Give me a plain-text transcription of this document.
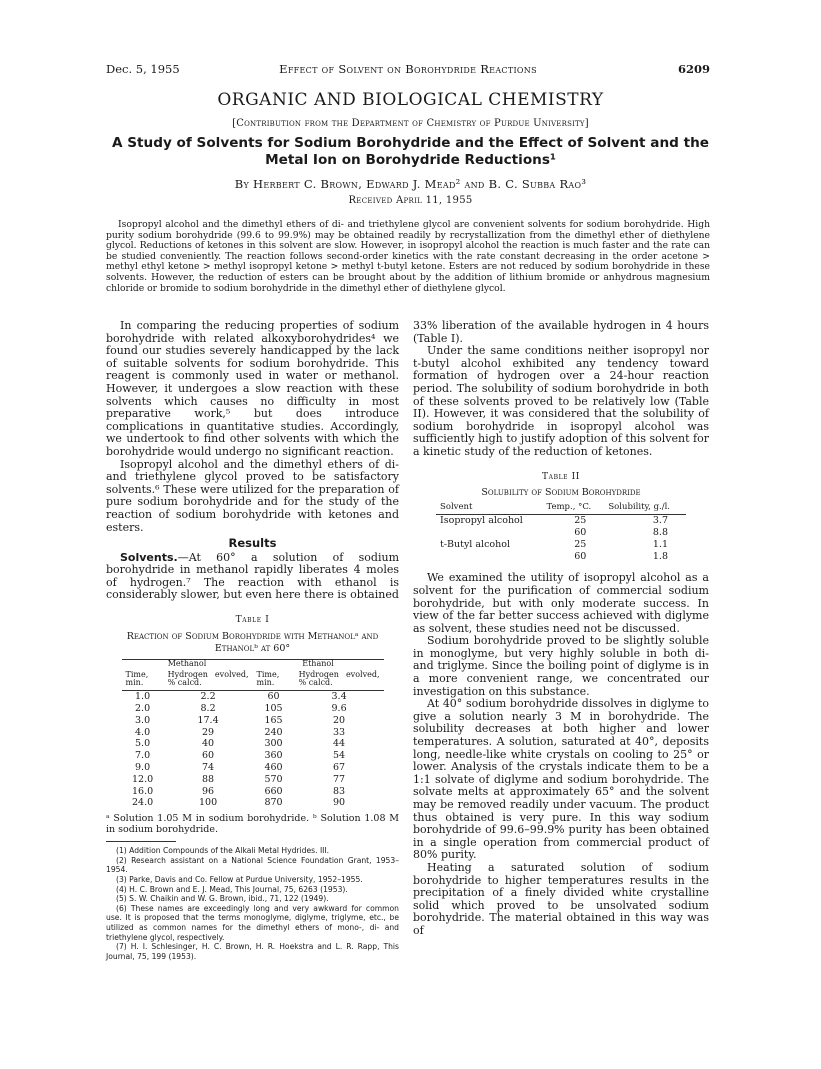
Dec. 5, 1955	Effect of Solvent on Borohydride Reactions	6209
ORGANIC AND BIOLOGICAL CHEMISTRY
[Contribution from the Department of Chemistry of Purdue University]
A Study of Solvents for Sodium Borohydride and the Effect of Solvent and the Metal Ion on Borohydride Reductions¹
By Herbert C. Brown, Edward J. Mead² and B. C. Subba Rao³
Received April 11, 1955

Isopropyl alcohol and the dimethyl ethers of di- and triethylene glycol are convenient solvents for sodium borohydride. High purity sodium borohydride (99.6 to 99.9%) may be obtained readily by recrystallization from the dimethyl ether of diethylene glycol. Reductions of ketones in this solvent are slow. However, in isopropyl alcohol the reaction is much faster and the rate can be studied conveniently. The reaction follows second-order kinetics with the rate constant decreasing in the order acetone > methyl ethyl ketone > methyl isopropyl ketone > methyl t-butyl ketone. Esters are not reduced by sodium borohydride in these solvents. However, the reduction of esters can be brought about by the addition of lithium bromide or anhydrous magnesium chloride or bromide to sodium borohydride in the dimethyl ether of diethylene glycol.

In comparing the reducing properties of sodium borohydride with related alkoxyborohydrides⁴ we found our studies severely handicapped by the lack of suitable solvents for sodium borohydride. This reagent is commonly used in water or methanol. However, it undergoes a slow reaction with these solvents which causes no difficulty in most preparative work,⁵ but does introduce complications in quantitative studies. Accordingly, we undertook to find other solvents with which the borohydride would undergo no significant reaction.

Isopropyl alcohol and the dimethyl ethers of di- and triethylene glycol proved to be satisfactory solvents.⁶ These were utilized for the preparation of pure sodium borohydride and for the study of the reaction of sodium borohydride with ketones and esters.

Results

Solvents.—At 60° a solution of sodium borohydride in methanol rapidly liberates 4 moles of hydrogen.⁷ The reaction with ethanol is considerably slower, but even here there is obtained

Table I
Reaction of Sodium Borohydride with Methanolᵃ and Ethanolᵇ at 60°
Methanol		Ethanol	
Time, min.	Hydrogen evolved, % calcd.	Time, min.	Hydrogen evolved, % calcd.
1.0	2.2	60	3.4
2.0	8.2	105	9.6
3.0	17.4	165	20
4.0	29	240	33
5.0	40	300	44
7.0	60	360	54
9.0	74	460	67
12.0	88	570	77
16.0	96	660	83
24.0	100	870	90
ᵃ Solution 1.05 M in sodium borohydride. ᵇ Solution 1.08 M in sodium borohydride.
(1) Addition Compounds of the Alkali Metal Hydrides. III.
(2) Research assistant on a National Science Foundation Grant, 1953–1954.
(3) Parke, Davis and Co. Fellow at Purdue University, 1952–1955.
(4) H. C. Brown and E. J. Mead, This Journal, 75, 6263 (1953).
(5) S. W. Chaikin and W. G. Brown, ibid., 71, 122 (1949).
(6) These names are exceedingly long and very awkward for common use. It is proposed that the terms monoglyme, diglyme, triglyme, etc., be utilized as common names for the dimethyl ethers of mono-, di- and triethylene glycol, respectively.
(7) H. I. Schlesinger, H. C. Brown, H. R. Hoekstra and L. R. Rapp, This Journal, 75, 199 (1953).

33% liberation of the available hydrogen in 4 hours (Table I).

Under the same conditions neither isopropyl nor t-butyl alcohol exhibited any tendency toward formation of hydrogen over a 24-hour reaction period. The solubility of sodium borohydride in both of these solvents proved to be relatively low (Table II). However, it was considered that the solubility of sodium borohydride in isopropyl alcohol was sufficiently high to justify adoption of this solvent for a kinetic study of the reduction of ketones.

Table II
Solubility of Sodium Borohydride
Solvent	Temp., °C.	Solubility, g./l.
Isopropyl alcohol	25	3.7
	60	8.8
t-Butyl alcohol	25	1.1
	60	1.8

We examined the utility of isopropyl alcohol as a solvent for the purification of commercial sodium borohydride, but with only moderate success. In view of the far better success achieved with diglyme as solvent, these studies need not be discussed.

Sodium borohydride proved to be slightly soluble in monoglyme, but very highly soluble in both di- and triglyme. Since the boiling point of diglyme is in a more convenient range, we concentrated our investigation on this substance.

At 40° sodium borohydride dissolves in diglyme to give a solution nearly 3 M in borohydride. The solubility decreases at both higher and lower temperatures. A solution, saturated at 40°, deposits long, needle-like white crystals on cooling to 25° or lower. Analysis of the crystals indicate them to be a 1:1 solvate of diglyme and sodium borohydride. The solvate melts at approximately 65° and the solvent may be removed readily under vacuum. The product thus obtained is very pure. In this way sodium borohydride of 99.6–99.9% purity has been obtained in a single operation from commercial product of 80% purity.

Heating a saturated solution of sodium borohydride to higher temperatures results in the precipitation of a finely divided white crystalline solid which proved to be unsolvated sodium borohydride. The material obtained in this way was of
